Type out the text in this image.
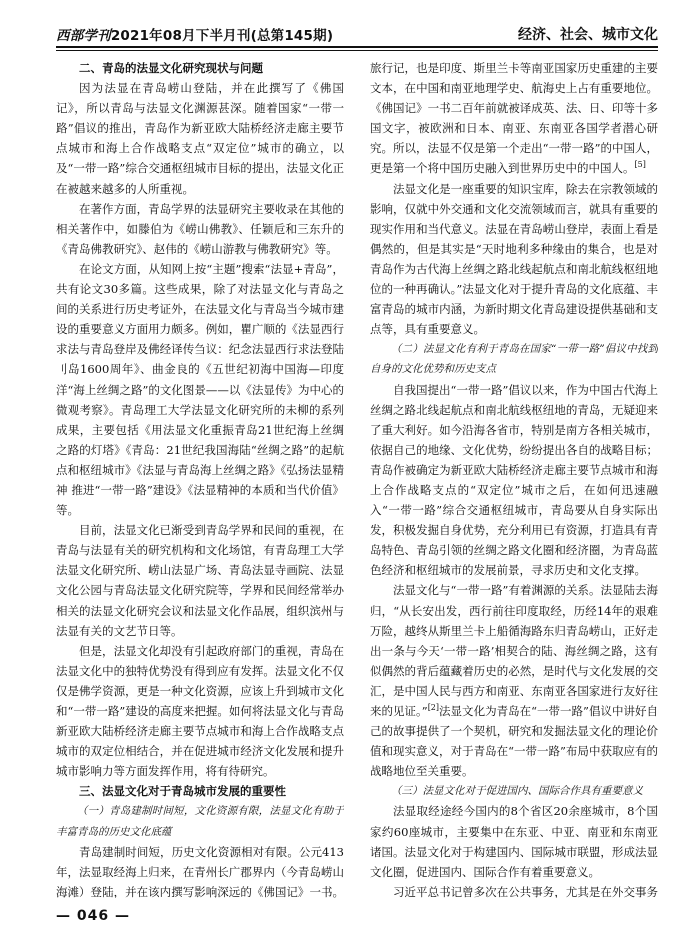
西部学刊2021年08月下半月刊(总第145期)	经济、社会、城市文化
二、青岛的法显文化研究现状与问题

因为法显在青岛崂山登陆，并在此撰写了《佛国记》，所以青岛与法显文化渊源甚深。随着国家“一带一路”倡议的推出，青岛作为新亚欧大陆桥经济走廊主要节点城市和海上合作战略支点“双定位”城市的确立，以及“一带一路”综合交通枢纽城市目标的提出，法显文化正在被越来越多的人所重视。

在著作方面，青岛学界的法显研究主要收录在其他的相关著作中，如滕伯为《崂山佛教》、任颖卮和三东升的《青岛佛教研究》、赵伟的《崂山游教与佛教研究》等。

在论文方面，从知网上按“主题”搜索“法显+青岛”，共有论文30多篇。这些成果，除了对法显文化与青岛之间的关系进行历史考证外，在法显文化与青岛当今城市建设的重要意义方面用力颇多。例如，瞿广顺的《法显西行求法与青岛登岸及佛经译传刍议：纪念法显西行求法登陆刂岛1600周年》、曲金良的《五世纪初海中国海—印度洋“海上丝绸之路”的文化图景——以《法显传》为中心的微观考察》。青岛理工大学法显文化研究所的未柳的系列成果，主要包括《用法显文化重振青岛21世纪海上丝绸之路的灯塔》《青岛：21世纪我国海陆“丝绸之路”的起航点和枢纽城市》《法显与青岛海上丝绸之路》《弘扬法显精神 推进“一带一路”建设》《法显精神的本质和当代价值》等。

目前，法显文化已渐受到青岛学界和民间的重视，在青岛与法显有关的研究机构和文化场馆，有青岛理工大学法显文化研究所、崂山法显广场、青岛法显寺画院、法显文化公园与青岛法显文化研究院等，学界和民间经常举办相关的法显文化研究会议和法显文化作品展，组织滨州与法显有关的文艺节日等。

但是，法显文化却没有引起政府部门的重视，青岛在法显文化中的独特优势没有得到应有发挥。法显文化不仅仅是佛学资源，更是一种文化资源，应该上升到城市文化和“一带一路”建设的高度来把握。如何将法显文化与青岛新亚欧大陆桥经济走廊主要节点城市和海上合作战略支点城市的双定位相结合，并在促进城市经济文化发展和提升城市影响力等方面发挥作用，将有待研究。

三、法显文化对于青岛城市发展的重要性
（一）青岛建制时间短，文化资源有限，法显文化有助于丰富青岛的历史文化底蕴

青岛建制时间短，历史文化资源相对有限。公元413年，法显取经海上归来，在青州长广郡界内（今青岛崂山海滩）登陆，并在该内撰写影响深远的《佛国记》一书。

旅行记，也是印度、斯里兰卡等南亚国家历史重建的主要文本，在中国和南亚地理学史、航海史上占有重要地位。《佛国记》一书二百年前就被译成英、法、日、印等十多国文字，被欧洲和日本、南亚、东南亚各国学者潜心研究。所以，法显不仅是第一个走出“一带一路”的中国人，更是第一个将中国历史融入到世界历史中的中国人。[5]

法显文化是一座重要的知识宝库，除去在宗教领域的影响，仅就中外交通和文化交流领域而言，就具有重要的现实作用和当代意义。法显在青岛崂山登岸，表面上看是偶然的，但是其实是“天时地利多种缘由的集合，也是对青岛作为古代海上丝绸之路北线起航点和南北航线枢纽地位的一种再确认。”法显文化对于提升青岛的文化底蕴、丰富青岛的城市内涵，为新时期文化青岛建设提供基础和支点等，具有重要意义。

（二）法显文化有利于青岛在国家“一带一路”倡议中找到自身的文化优势和历史支点

自我国提出“一带一路”倡议以来，作为中国古代海上丝绸之路北线起航点和南北航线枢纽地的青岛，无疑迎来了重大利好。如今沿海各省市，特别是南方各相关城市，依据自己的地缘、文化优势，纷纷提出各自的战略目标；青岛作被确定为新亚欧大陆桥经济走廊主要节点城市和海上合作战略支点的“双定位”城市之后，在如何迅速融入“一带一路”综合交通枢纽城市，青岛要从自身实际出发，积极发掘自身优势，充分利用已有资源，打造具有青岛特色、青岛引领的丝绸之路文化圈和经济圈，为青岛蓝色经济和枢纽城市的发展前景，寻求历史和文化支撑。

法显文化与“一带一路”有着渊源的关系。法显陆去海归，“从长安出发，西行前往印度取经，历经14年的艰难万险，越终从斯里兰卡上船循海路东归青岛崂山，正好走出一条与今天‘一带一路’相契合的陆、海丝绸之路，这有似偶然的背后蕴藏着历史的必然，是时代与文化发展的交汇，是中国人民与西方和南亚、东南亚各国家进行友好往来的见证。”[2]法显文化为青岛在“一带一路”倡议中讲好自己的故事提供了一个契机，研究和发掘法显文化的理论价值和现实意义，对于青岛在“一带一路”布局中获取应有的战略地位至关重要。

（三）法显文化对于促进国内、国际合作具有重要意义

法显取经途经今国内的8个省区20余座城市，8个国家约60座城市，主要集中在东亚、中亚、南亚和东南亚诸国。法显文化对于构建国内、国际城市联盟，形成法显文化圈，促进国内、国际合作有着重要意义。

习近平总书记曾多次在公共事务，尤其是在外交事务

— 046 —
